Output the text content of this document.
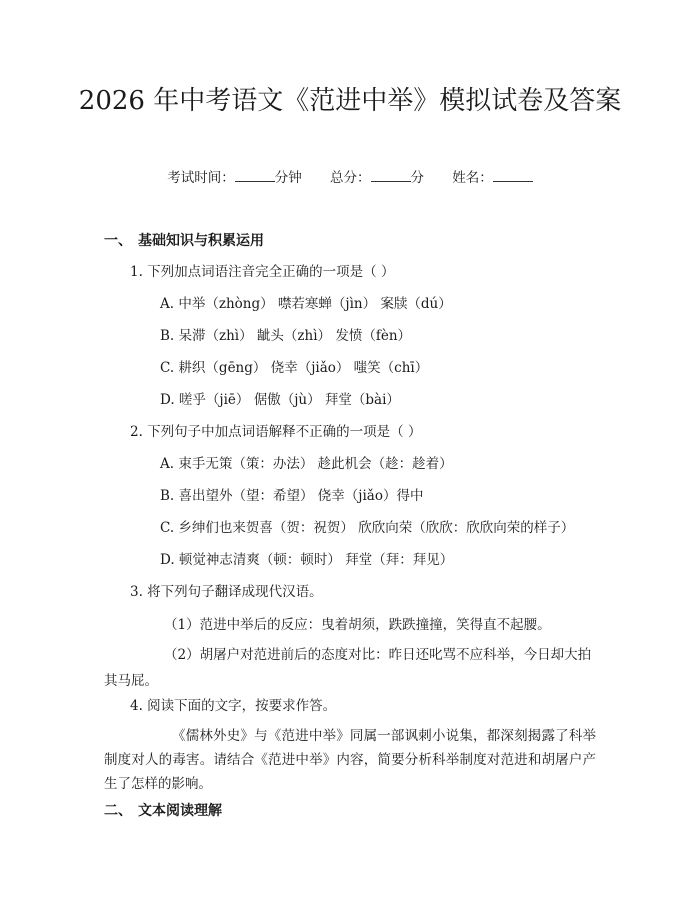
2026 年中考语文《范进中举》模拟试卷及答案
考试时间：	分钟 总分：	分 姓名：
一、 基础知识与积累运用
1. 下列加点词语注音完全正确的一项是（ ）
A. 中举（zhòng） 噤若寒蝉（jìn） 案牍（dú）
B. 呆滞（zhì） 龇头（zhì） 发愤（fèn）
C. 耕织（gēng） 侥幸（jiǎo） 嗤笑（chī）
D. 嗟乎（jiē） 倨傲（jù） 拜堂（bài）
2. 下列句子中加点词语解释不正确的一项是（ ）
A. 束手无策（策：办法） 趁此机会（趁：趁着）
B. 喜出望外（望：希望） 侥幸（jiǎo）得中
C. 乡绅们也来贺喜（贺：祝贺） 欣欣向荣（欣欣：欣欣向荣的样子）
D. 顿觉神志清爽（顿：顿时） 拜堂（拜：拜见）
3. 将下列句子翻译成现代汉语。
（1）范进中举后的反应：曳着胡须，跌跌撞撞，笑得直不起腰。
（2）胡屠户对范进前后的态度对比：昨日还叱骂不应科举，今日却大拍其马屁。
4. 阅读下面的文字，按要求作答。
《儒林外史》与《范进中举》同属一部讽刺小说集，都深刻揭露了科举制度对人的毒害。请结合《范进中举》内容，简要分析科举制度对范进和胡屠户产生了怎样的影响。
二、 文本阅读理解
